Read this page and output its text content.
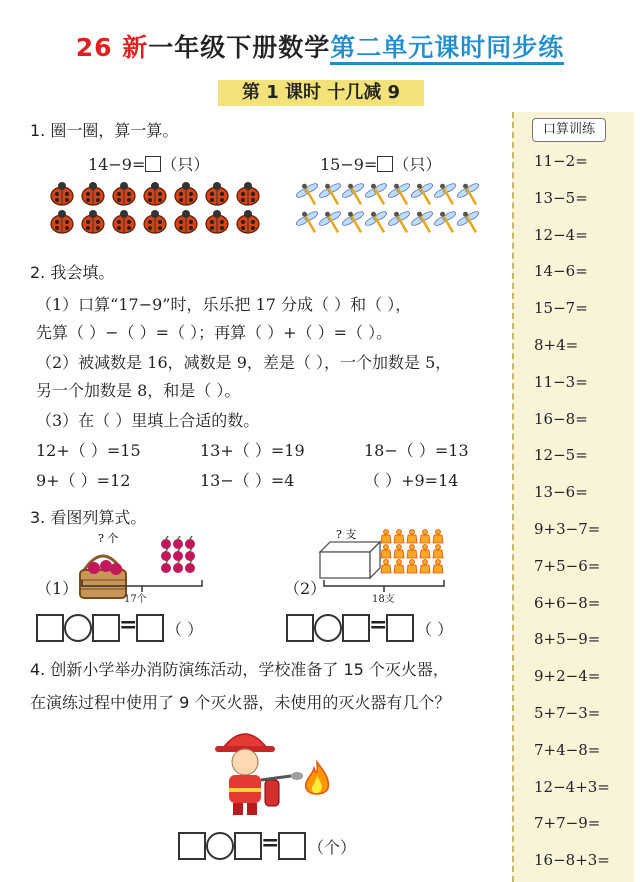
26 新一年级下册数学第二单元课时同步练
第 1 课时 十几减 9
口算训练
11−2=
13−5=
12−4=
14−6=
15−7=
8+4=
11−3=
16−8=
12−5=
13−6=
9+3−7=
7+5−6=
6+6−8=
8+5−9=
9+2−4=
5+7−3=
7+4−8=
12−4+3=
7+7−9=
16−8+3=
1. 圈一圈，算一算。
14−9= （只）	15−9= （只）
2. 我会填。
（1）口算“17−9”时，乐乐把 17 分成（ ）和（ ），
先算（ ）−（ ）=（ ）；再算（ ）+（ ）=（ ）。
（2）被减数是 16，减数是 9，差是（ ），一个加数是 5，
另一个加数是 8，和是（ ）。
（3）在（ ）里填上合适的数。
12+（ ）=15	13+（ ）=19	18−（ ）=13
9+（ ）=12	13−（ ）=4	（ ）+9=14
3. 看图列算式。
（1）
? 个
17个
（2）
? 支
18支
= （ ）	= （ ）
4. 创新小学举办消防演练活动，学校准备了 15 个灭火器，
在演练过程中使用了 9 个灭火器，未使用的灭火器有几个？
= （个）
